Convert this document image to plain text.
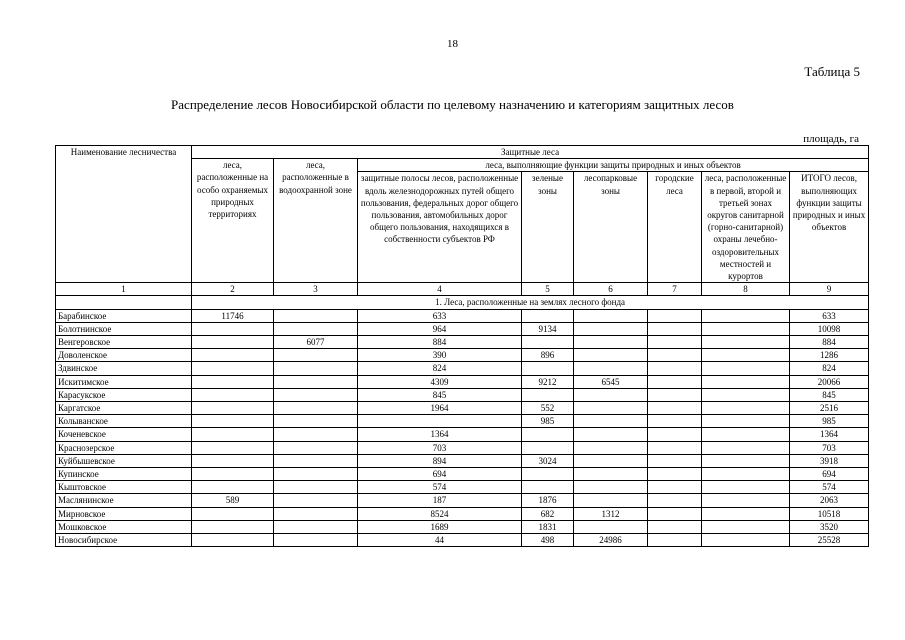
18
Таблица 5
Распределение лесов Новосибирской области по целевому назначению и категориям защитных лесов
площадь, га
Наименование лесничества	Защитные леса							
	леса, расположенные на особо охраняемых природных территориях	леса, расположенные в водоохранной зоне	леса, выполняющие функции защиты природных и иных объектов					
			защитные полосы лесов, расположенные вдоль железнодорожных путей общего пользования, федеральных дорог общего пользования, автомобильных дорог общего пользования, находящихся в собственности субъектов РФ	зеленые зоны	лесопарковые зоны	городские леса	леса, расположенные в первой, второй и третьей зонах округов санитарной (горно-санитарной) охраны лечебно-оздоровительных местностей и курортов	ИТОГО лесов, выполняющих функции защиты природных и иных объектов
1	2	3	4	5	6	7	8	9
	1. Леса, расположенные на землях лесного фонда							
Барабинское	11746		633					633
Болотнинское			964	9134				10098
Венгеровское		6077	884					884
Доволенское			390	896				1286
Здвинское			824					824
Искитимское			4309	9212	6545			20066
Карасукское			845					845
Каргатское			1964	552				2516
Колыванское				985				985
Коченевское			1364					1364
Краснозерское			703					703
Куйбышевское			894	3024				3918
Купинское			694					694
Кыштовское			574					574
Маслянинское	589		187	1876				2063
Мирновское			8524	682	1312			10518
Мошковское			1689	1831				3520
Новосибирское			44	498	24986			25528
